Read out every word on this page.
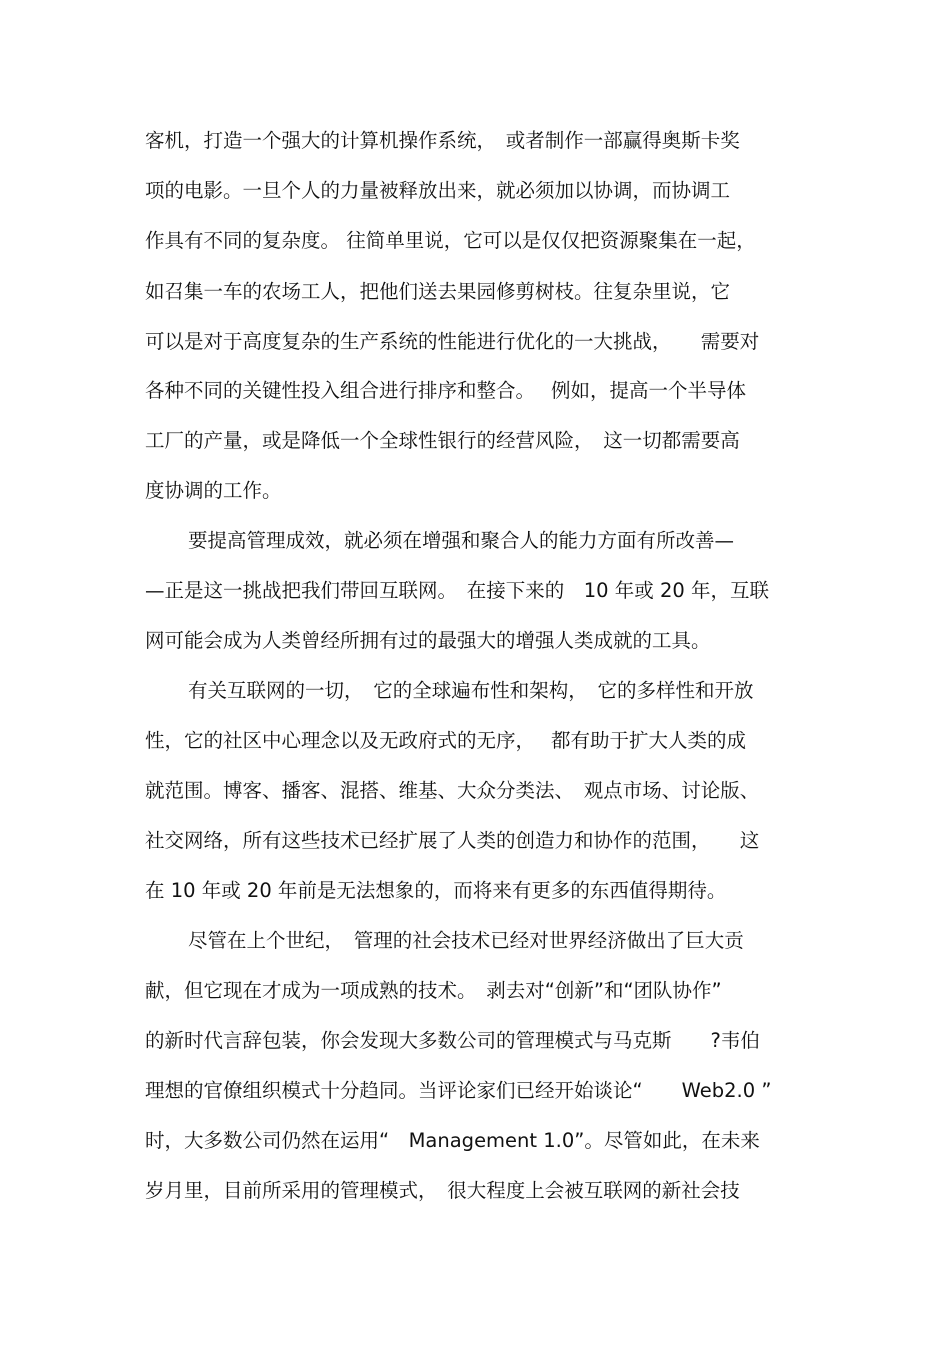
客机，打造一个强大的计算机操作系统，　或者制作一部赢得奥斯卡奖
项的电影。一旦个人的力量被释放出来，就必须加以协调，而协调工
作具有不同的复杂度。 往简单里说，它可以是仅仅把资源聚集在一起，
如召集一车的农场工人，把他们送去果园修剪树枝。往复杂里说，它
可以是对于高度复杂的生产系统的性能进行优化的一大挑战，　　需要对
各种不同的关键性投入组合进行排序和整合。　 例如，提高一个半导体
工厂的产量，或是降低一个全球性银行的经营风险，　这一切都需要高
度协调的工作。
要提高管理成效，就必须在增强和聚合人的能力方面有所改善—
—正是这一挑战把我们带回互联网。　在接下来的　10 年或 20 年，互联
网可能会成为人类曾经所拥有过的最强大的增强人类成就的工具。
有关互联网的一切，　它的全球遍布性和架构，　它的多样性和开放
性，它的社区中心理念以及无政府式的无序，　 都有助于扩大人类的成
就范围。博客、播客、混搭、维基、大众分类法、　观点市场、讨论版、
社交网络，所有这些技术已经扩展了人类的创造力和协作的范围，　　这
在 10 年或 20 年前是无法想象的，而将来有更多的东西值得期待。
尽管在上个世纪，　管理的社会技术已经对世界经济做出了巨大贡
献，但它现在才成为一项成熟的技术。　剥去对“创新”和“团队协作”
的新时代言辞包装，你会发现大多数公司的管理模式与马克斯　　?韦伯
理想的官僚组织模式十分趋同。当评论家们已经开始谈论“　　Web2.0 ”
时，大多数公司仍然在运用“　Management 1.0”。尽管如此，在未来
岁月里，目前所采用的管理模式，　很大程度上会被互联网的新社会技
